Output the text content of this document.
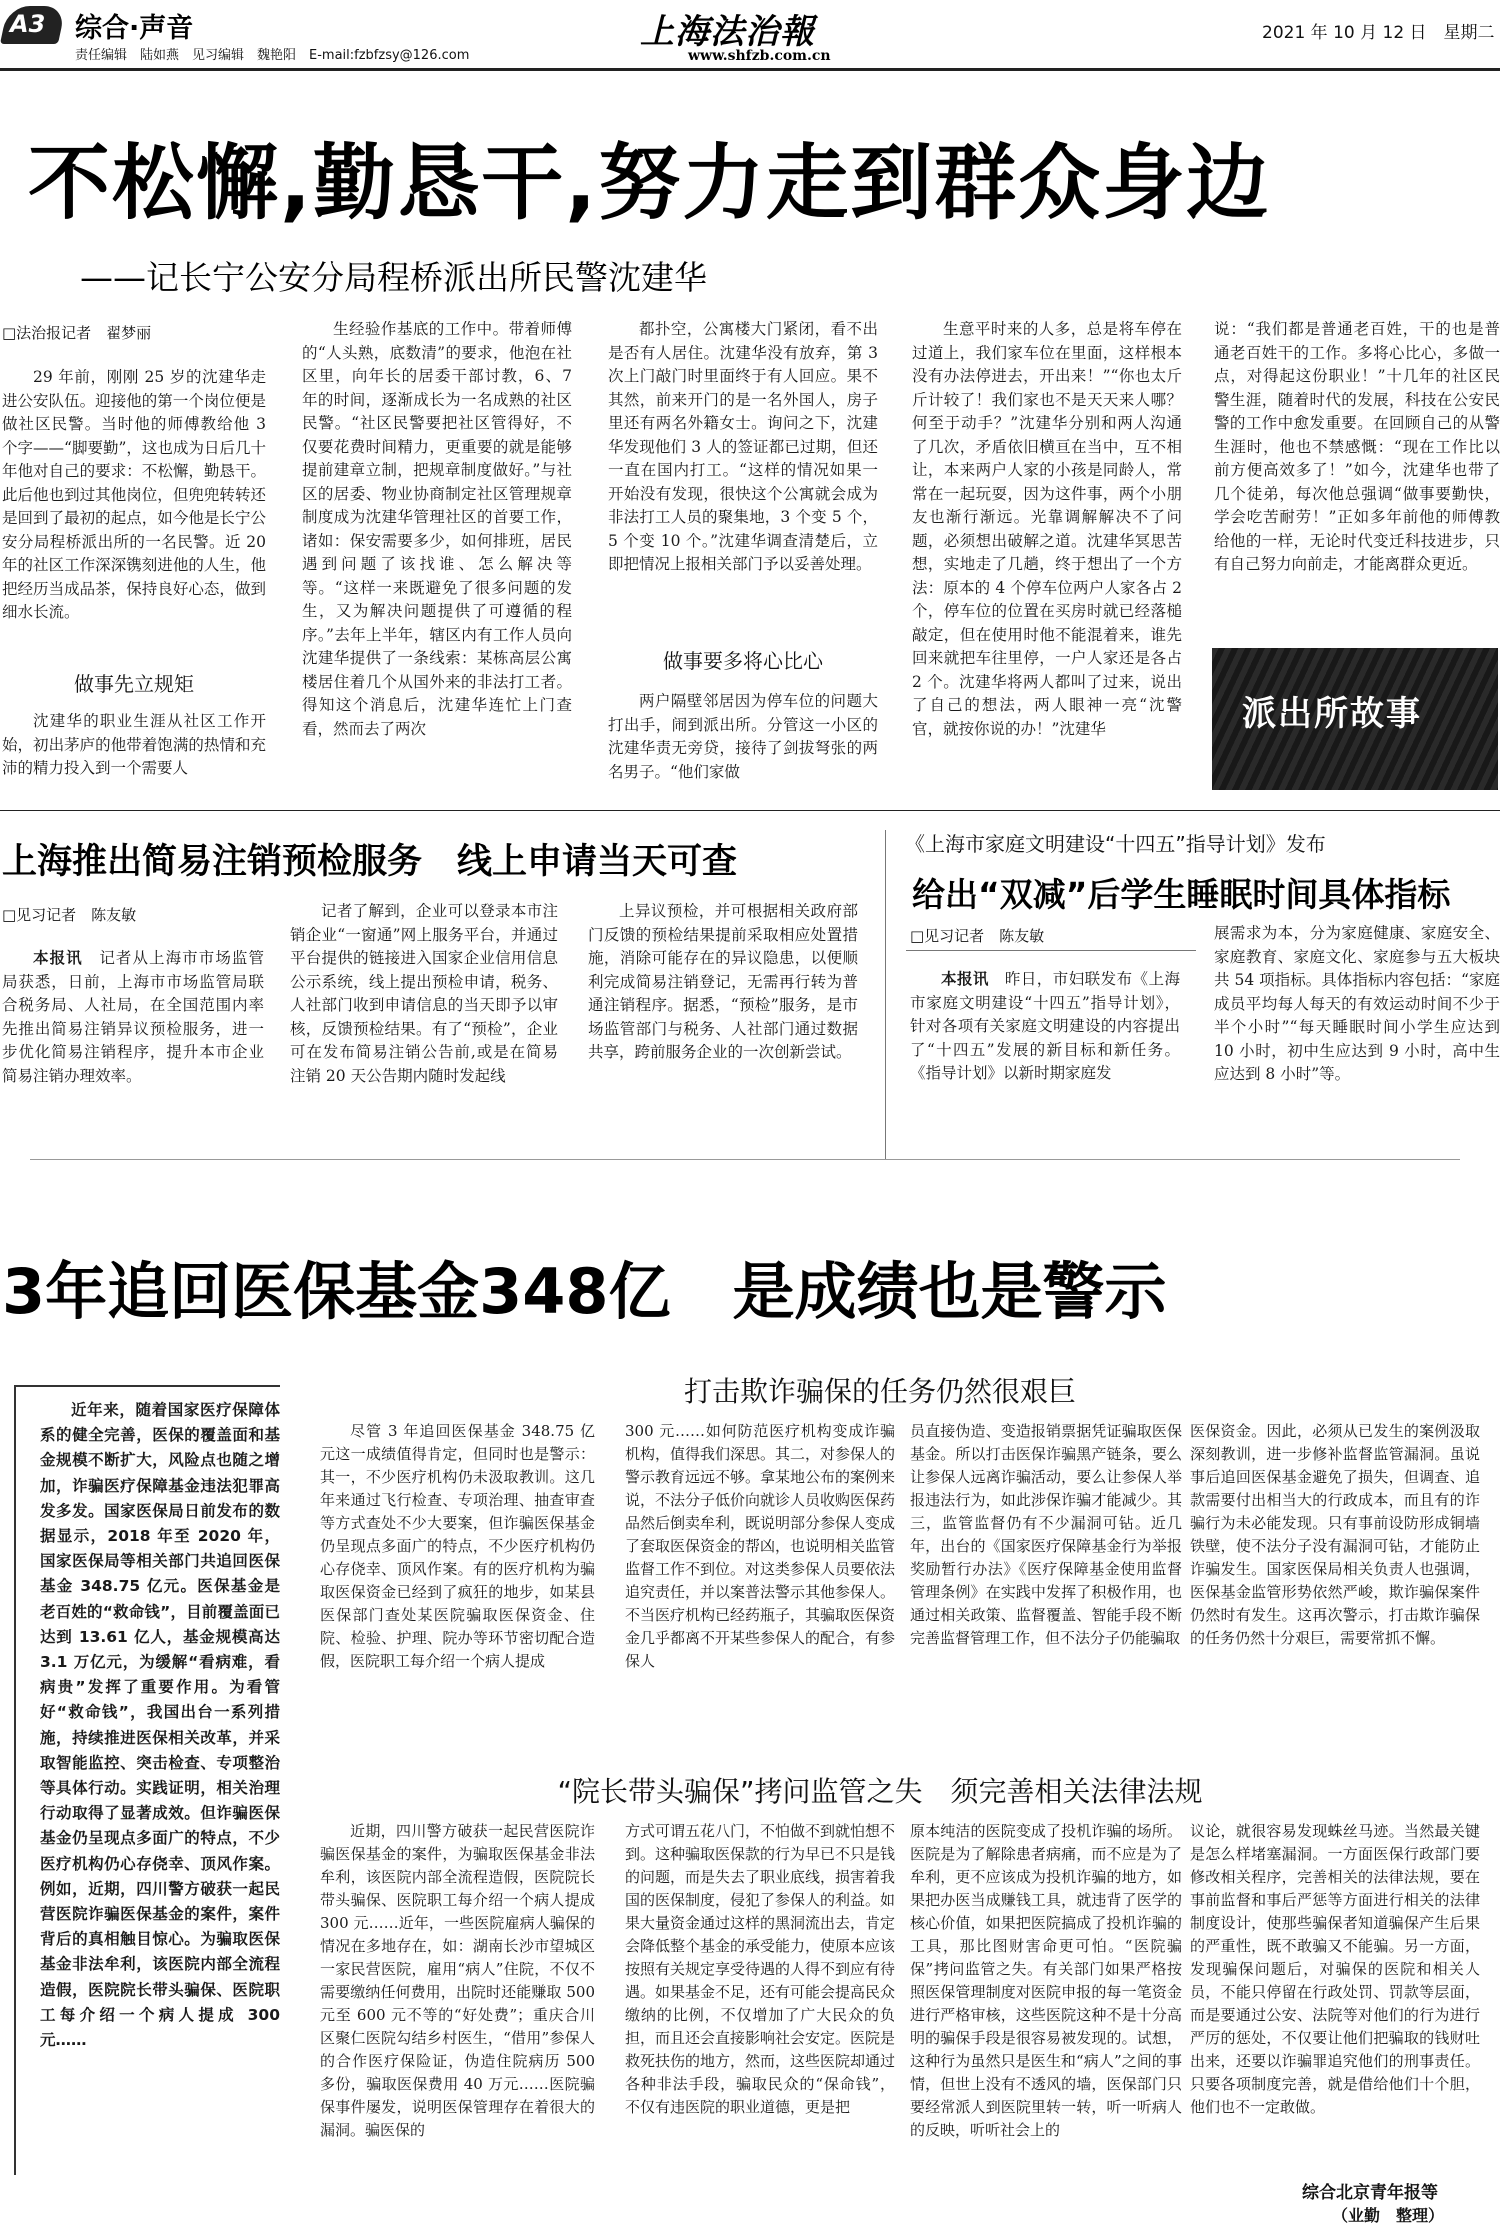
A3 综合·声音
责任编辑　陆如燕　见习编辑　魏艳阳　E-mail:fzbfzsy@126.com
上海法治報
www.shfzb.com.cn
2021 年 10 月 12 日　星期二
不松懈,勤恳干,努力走到群众身边
——记长宁公安分局程桥派出所民警沈建华
□法治报记者　翟梦丽

29 年前，刚刚 25 岁的沈建华走进公安队伍。迎接他的第一个岗位便是做社区民警。当时他的师傅教给他 3 个字——“脚要勤”，这也成为日后几十年他对自己的要求：不松懈，勤恳干。此后他也到过其他岗位，但兜兜转转还是回到了最初的起点，如今他是长宁公安分局程桥派出所的一名民警。近 20 年的社区工作深深镌刻进他的人生，他把经历当成品茶，保持良好心态，做到细水长流。

做事先立规矩

沈建华的职业生涯从社区工作开始，初出茅庐的他带着饱满的热情和充沛的精力投入到一个需要人

生经验作基底的工作中。带着师傅的“人头熟，底数清”的要求，他泡在社区里，向年长的居委干部讨教，6、7 年的时间，逐渐成长为一名成熟的社区民警。“社区民警要把社区管得好，不仅要花费时间精力，更重要的就是能够提前建章立制，把规章制度做好。”与社区的居委、物业协商制定社区管理规章制度成为沈建华管理社区的首要工作，诸如：保安需要多少，如何排班，居民遇到问题了该找谁、怎么解决等等。“这样一来既避免了很多问题的发生，又为解决问题提供了可遵循的程序。”去年上半年，辖区内有工作人员向沈建华提供了一条线索：某栋高层公寓楼居住着几个从国外来的非法打工者。得知这个消息后，沈建华连忙上门查看，然而去了两次

都扑空，公寓楼大门紧闭，看不出是否有人居住。沈建华没有放弃，第 3 次上门敲门时里面终于有人回应。果不其然，前来开门的是一名外国人，房子里还有两名外籍女士。询问之下，沈建华发现他们 3 人的签证都已过期，但还一直在国内打工。“这样的情况如果一开始没有发现，很快这个公寓就会成为非法打工人员的聚集地，3 个变 5 个，5 个变 10 个。”沈建华调查清楚后，立即把情况上报相关部门予以妥善处理。

做事要多将心比心

两户隔壁邻居因为停车位的问题大打出手，闹到派出所。分管这一小区的沈建华责无旁贷，接待了剑拔弩张的两名男子。“他们家做

生意平时来的人多，总是将车停在过道上，我们家车位在里面，这样根本没有办法停进去，开出来！”“你也太斤斤计较了！我们家也不是天天来人哪？何至于动手？”沈建华分别和两人沟通了几次，矛盾依旧横亘在当中，互不相让，本来两户人家的小孩是同龄人，常常在一起玩耍，因为这件事，两个小朋友也渐行渐远。光靠调解解决不了问题，必须想出破解之道。沈建华冥思苦想，实地走了几趟，终于想出了一个方法：原本的 4 个停车位两户人家各占 2 个，停车位的位置在买房时就已经落槌敲定，但在使用时他不能混着来，谁先回来就把车往里停，一户人家还是各占 2 个。沈建华将两人都叫了过来，说出了自己的想法，两人眼神一亮“沈警官，就按你说的办！”沈建华

说：“我们都是普通老百姓，干的也是普通老百姓干的工作。多将心比心，多做一点，对得起这份职业！”十几年的社区民警生涯，随着时代的发展，科技在公安民警的工作中愈发重要。在回顾自己的从警生涯时，他也不禁感慨：“现在工作比以前方便高效多了！”如今，沈建华也带了几个徒弟，每次他总强调“做事要勤快，学会吃苦耐劳！”正如多年前他的师傅教给他的一样，无论时代变迁科技进步，只有自己努力向前走，才能离群众更近。

派出所故事
上海推出简易注销预检服务　线上申请当天可查
□见习记者　陈友敏

本报讯　 记者从上海市市场监管局获悉，日前，上海市市场监管局联合税务局、人社局，在全国范围内率先推出简易注销异议预检服务，进一步优化简易注销程序，提升本市企业简易注销办理效率。

记者了解到，企业可以登录本市注销企业“一窗通”网上服务平台，并通过平台提供的链接进入国家企业信用信息公示系统，线上提出预检申请，税务、人社部门收到申请信息的当天即予以审核，反馈预检结果。有了“预检”，企业可在发布简易注销公告前,或是在简易注销 20 天公告期内随时发起线

上异议预检，并可根据相关政府部门反馈的预检结果提前采取相应处置措施，消除可能存在的异议隐患，以便顺利完成简易注销登记，无需再行转为普通注销程序。据悉，“预检”服务，是市场监管部门与税务、人社部门通过数据共享，跨前服务企业的一次创新尝试。

《上海市家庭文明建设“十四五”指导计划》发布
给出“双减”后学生睡眠时间具体指标
□见习记者　陈友敏

本报讯　 昨日，市妇联发布《上海市家庭文明建设“十四五”指导计划》，针对各项有关家庭文明建设的内容提出了“十四五”发展的新目标和新任务。《指导计划》以新时期家庭发

展需求为本，分为家庭健康、家庭安全、家庭教育、家庭文化、家庭参与五大板块共 54 项指标。具体指标内容包括：“家庭成员平均每人每天的有效运动时间不少于半个小时”“每天睡眠时间小学生应达到 10 小时，初中生应达到 9 小时，高中生应达到 8 小时”等。

3年追回医保基金348亿　是成绩也是警示

近年来，随着国家医疗保障体系的健全完善，医保的覆盖面和基金规模不断扩大，风险点也随之增加，诈骗医疗保障基金违法犯罪高发多发。国家医保局日前发布的数据显示，2018 年至 2020 年，国家医保局等相关部门共追回医保基金 348.75 亿元。医保基金是老百姓的“救命钱”，目前覆盖面已达到 13.61 亿人，基金规模高达 3.1 万亿元，为缓解“看病难，看病贵”发挥了重要作用。为看管好“救命钱”，我国出台一系列措施，持续推进医保相关改革，并采取智能监控、突击检查、专项整治等具体行动。实践证明，相关治理行动取得了显著成效。但诈骗医保基金仍呈现点多面广的特点，不少医疗机构仍心存侥幸、顶风作案。例如，近期，四川警方破获一起民营医院诈骗医保基金的案件，案件背后的真相触目惊心。为骗取医保基金非法牟利，该医院内部全流程造假，医院院长带头骗保、医院职工每介绍一个病人提成 300 元……

打击欺诈骗保的任务仍然很艰巨

尽管 3 年追回医保基金 348.75 亿元这一成绩值得肯定，但同时也是警示：其一，不少医疗机构仍未汲取教训。这几年来通过飞行检查、专项治理、抽查审查等方式查处不少大要案，但诈骗医保基金仍呈现点多面广的特点，不少医疗机构仍心存侥幸、顶风作案。有的医疗机构为骗取医保资金已经到了疯狂的地步，如某县医保部门查处某医院骗取医保资金、住院、检验、护理、院办等环节密切配合造假，医院职工每介绍一个病人提成

300 元……如何防范医疗机构变成诈骗机构，值得我们深思。其二，对参保人的警示教育远远不够。拿某地公布的案例来说，不法分子低价向就诊人员收购医保药品然后倒卖牟利，既说明部分参保人变成了套取医保资金的帮凶，也说明相关监管监督工作不到位。对这类参保人员要依法追究责任，并以案普法警示其他参保人。不当医疗机构已经药瓶子，其骗取医保资金几乎都离不开某些参保人的配合，有参保人

员直接伪造、变造报销票据凭证骗取医保基金。所以打击医保诈骗黑产链条，要么让参保人远离诈骗活动，要么让参保人举报违法行为，如此涉保诈骗才能减少。其三，监管监督仍有不少漏洞可钻。近几年，出台的《国家医疗保障基金行为举报奖励暂行办法》《医疗保障基金使用监督管理条例》在实践中发挥了积极作用，也通过相关政策、监督覆盖、智能手段不断完善监督管理工作，但不法分子仍能骗取

医保资金。因此，必须从已发生的案例汲取深刻教训，进一步修补监督监管漏洞。虽说事后追回医保基金避免了损失，但调查、追款需要付出相当大的行政成本，而且有的诈骗行为未必能发现。只有事前设防形成铜墙铁壁，使不法分子没有漏洞可钻，才能防止诈骗发生。国家医保局相关负责人也强调，医保基金监管形势依然严峻，欺诈骗保案件仍然时有发生。这再次警示，打击欺诈骗保的任务仍然十分艰巨，需要常抓不懈。

“院长带头骗保”拷问监管之失　须完善相关法律法规

近期，四川警方破获一起民营医院诈骗医保基金的案件，为骗取医保基金非法牟利，该医院内部全流程造假，医院院长带头骗保、医院职工每介绍一个病人提成 300 元……近年，一些医院雇病人骗保的情况在多地存在，如：湖南长沙市望城区一家民营医院，雇用“病人”住院，不仅不需要缴纳任何费用，出院时还能赚取 500 元至 600 元不等的“好处费”；重庆合川区聚仁医院勾结乡村医生，“借用”参保人的合作医疗保险证，伪造住院病历 500 多份，骗取医保费用 40 万元……医院骗保事件屡发，说明医保管理存在着很大的漏洞。骗医保的

方式可谓五花八门，不怕做不到就怕想不到。这种骗取医保款的行为早已不只是钱的问题，而是失去了职业底线，损害着我国的医保制度，侵犯了参保人的利益。如果大量资金通过这样的黑洞流出去，肯定会降低整个基金的承受能力，使原本应该按照有关规定享受待遇的人得不到应有待遇。如果基金不足，还有可能会提高民众缴纳的比例，不仅增加了广大民众的负担，而且还会直接影响社会安定。医院是救死扶伤的地方，然而，这些医院却通过各种非法手段，骗取民众的“保命钱”，不仅有违医院的职业道德，更是把

原本纯洁的医院变成了投机诈骗的场所。医院是为了解除患者病痛，而不应是为了牟利，更不应该成为投机诈骗的地方，如果把办医当成赚钱工具，就违背了医学的核心价值，如果把医院搞成了投机诈骗的工具，那比图财害命更可怕。“医院骗保”拷问监管之失。有关部门如果严格按照医保管理制度对医院申报的每一笔资金进行严格审核，这些医院这种不是十分高明的骗保手段是很容易被发现的。试想，这种行为虽然只是医生和“病人”之间的事情，但世上没有不透风的墙，医保部门只要经常派人到医院里转一转，听一听病人的反映，听听社会上的

议论，就很容易发现蛛丝马迹。当然最关键是怎么样堵塞漏洞。一方面医保行政部门要修改相关程序，完善相关的法律法规，要在事前监督和事后严惩等方面进行相关的法律制度设计，使那些骗保者知道骗保产生后果的严重性，既不敢骗又不能骗。另一方面，发现骗保问题后，对骗保的医院和相关人员，不能只停留在行政处罚、罚款等层面，而是要通过公安、法院等对他们的行为进行严厉的惩处，不仅要让他们把骗取的钱财吐出来，还要以诈骗罪追究他们的刑事责任。只要各项制度完善，就是借给他们十个胆，他们也不一定敢做。

综合北京青年报等
（业勤　整理）
